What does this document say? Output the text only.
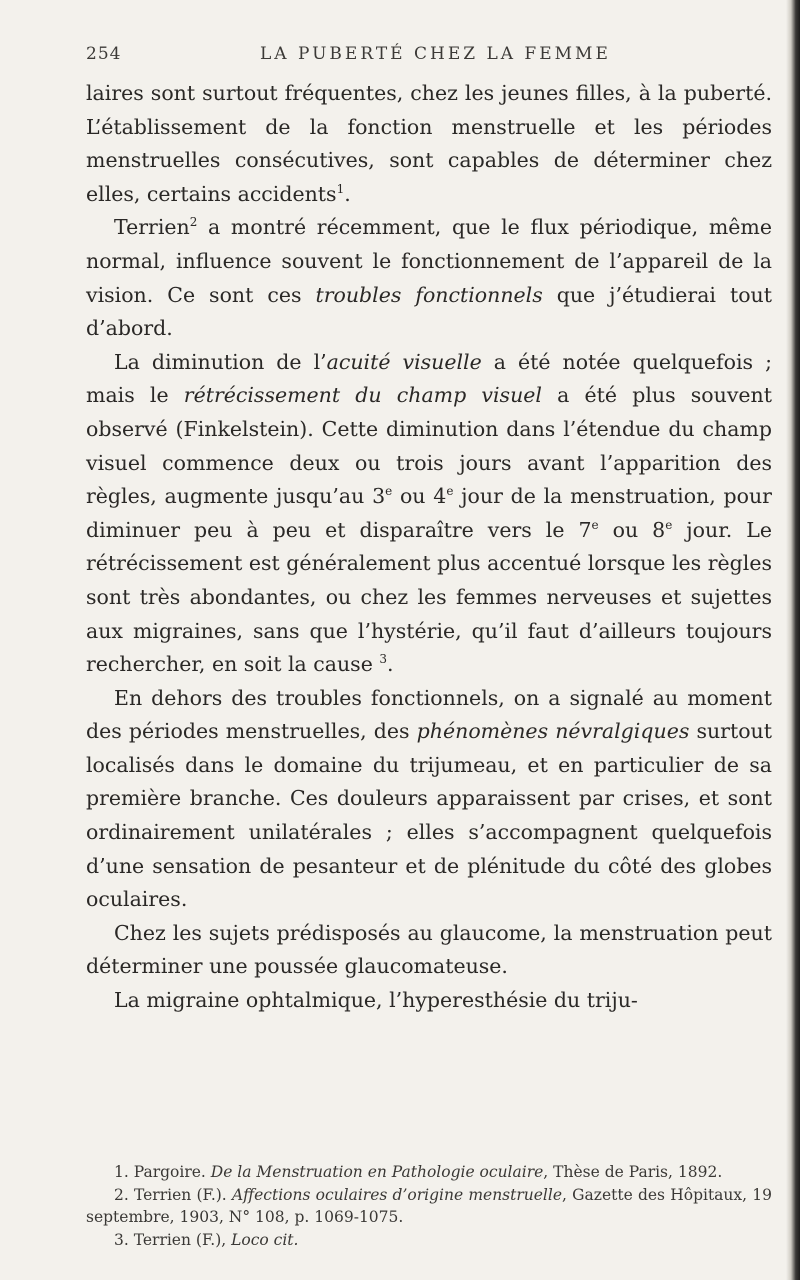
254	LA PUBERTÉ CHEZ LA FEMME

laires sont surtout fréquentes, chez les jeunes filles, à la puberté. L’établissement de la fonction menstruelle et les périodes menstruelles consécutives, sont capables de déterminer chez elles, certains accidents$^1$.

Terrien$^2$ a montré récemment, que le flux périodique, même normal, influence souvent le fonctionnement de l’appareil de la vision. Ce sont ces troubles fonctionnels que j’étudierai tout d’abord.

La diminution de l’acuité visuelle a été notée quelquefois ; mais le rétrécissement du champ visuel a été plus souvent observé (Finkelstein). Cette diminution dans l’étendue du champ visuel commence deux ou trois jours avant l’apparition des règles, augmente jusqu’au 3e ou 4e jour de la menstruation, pour diminuer peu à peu et disparaître vers le 7e ou 8e jour. Le rétrécissement est généralement plus accentué lorsque les règles sont très abondantes, ou chez les femmes nerveuses et sujettes aux migraines, sans que l’hystérie, qu’il faut d’ailleurs toujours rechercher, en soit la cause $^3$.

En dehors des troubles fonctionnels, on a signalé au moment des périodes menstruelles, des phénomènes névralgiques surtout localisés dans le domaine du trijumeau, et en particulier de sa première branche. Ces douleurs apparaissent par crises, et sont ordinairement unilatérales ; elles s’accompagnent quelquefois d’une sensation de pesanteur et de plénitude du côté des globes oculaires.

Chez les sujets prédisposés au glaucome, la menstruation peut déterminer une poussée glaucomateuse.

La migraine ophtalmique, l’hyperesthésie du triju-

1. Pargoire. De la Menstruation en Pathologie oculaire, Thèse de Paris, 1892.

2. Terrien (F.). Affections oculaires d’origine menstruelle, Gazette des Hôpitaux, 19 septembre, 1903, N° 108, p. 1069-1075.

3. Terrien (F.), Loco cit.
